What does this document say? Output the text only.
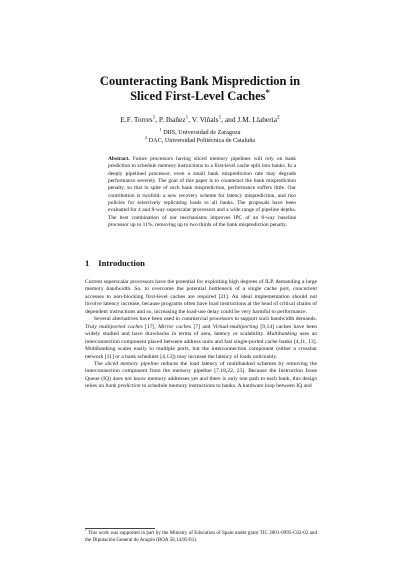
Counteracting Bank Misprediction in
Sliced First-Level Caches*
E.F. Torres$^1$, P. Ibañez$^1$, V. Viñals$^1$, and J.M. Llaberia$^2$
$^1$ DIIS, Universidad de Zaragoza
$^2$ DAC, Universidad Politécnica de Cataluña
Abstract. Future processors having sliced memory pipelines will rely on bank prediction to schedule memory instructions to a first-level cache split into banks. In a deeply pipelined processor, even a small bank misprediction rate may degrade performance severely. The goal of this paper is to counteract the bank misprediction penalty, so that in spite of such bank misprediction, performance suffers little. Our contribution is twofold: a new recovery scheme for latency misprediction, and two policies for selectively replicating loads to all banks. The proposals have been evaluated for 4 and 8-way superscalar processors and a wide range of pipeline depths. The best combination of our mechanisms improves IPC of an 8-way baseline processor up to 11%, removing up to two thirds of the bank misprediction penalty.
1 Introduction

Current superscalar processors have the potential for exploiting high degrees of ILP, demanding a large memory bandwidth. So, to overcome the potential bottleneck of a single cache port, concurrent accesses to non-blocking first-level caches are required [21]. An ideal implementation should not involve latency increase, because programs often have load instructions at the head of critical chains of dependent instructions and so, increasing the load-use delay could be very harmful to performance.

Several alternatives have been used in commercial processors to support such bandwidth demands. Truly multiported caches [17], Mirror caches [7] and Virtual-multiporting [9,14] caches have been widely studied and have drawbacks in terms of area, latency or scalability. Multibanking uses an interconnection component placed between address units and fast single-ported cache banks [4,11, 13]. Multibanking scales easily to multiple ports, but the interconnection component (either a crossbar network [11] or a bank scheduler [4,13]) may increase the latency of loads noticeably.

The sliced memory pipeline reduces the load latency of multibanked schemes by removing the interconnection component from the memory pipeline [7,18,22, 23]. Because the Instruction Issue Queue (IQ) does not know memory addresses yet and there is only one path to each bank, this design relies on bank prediction to schedule memory instructions to banks. A hardware loop between IQ and

* This work was supported in part by the Ministry of Education of Spain under grant TIC 2001-0995-C02-02 and the Diputación General de Aragón (BOA 58,14/05/03).
